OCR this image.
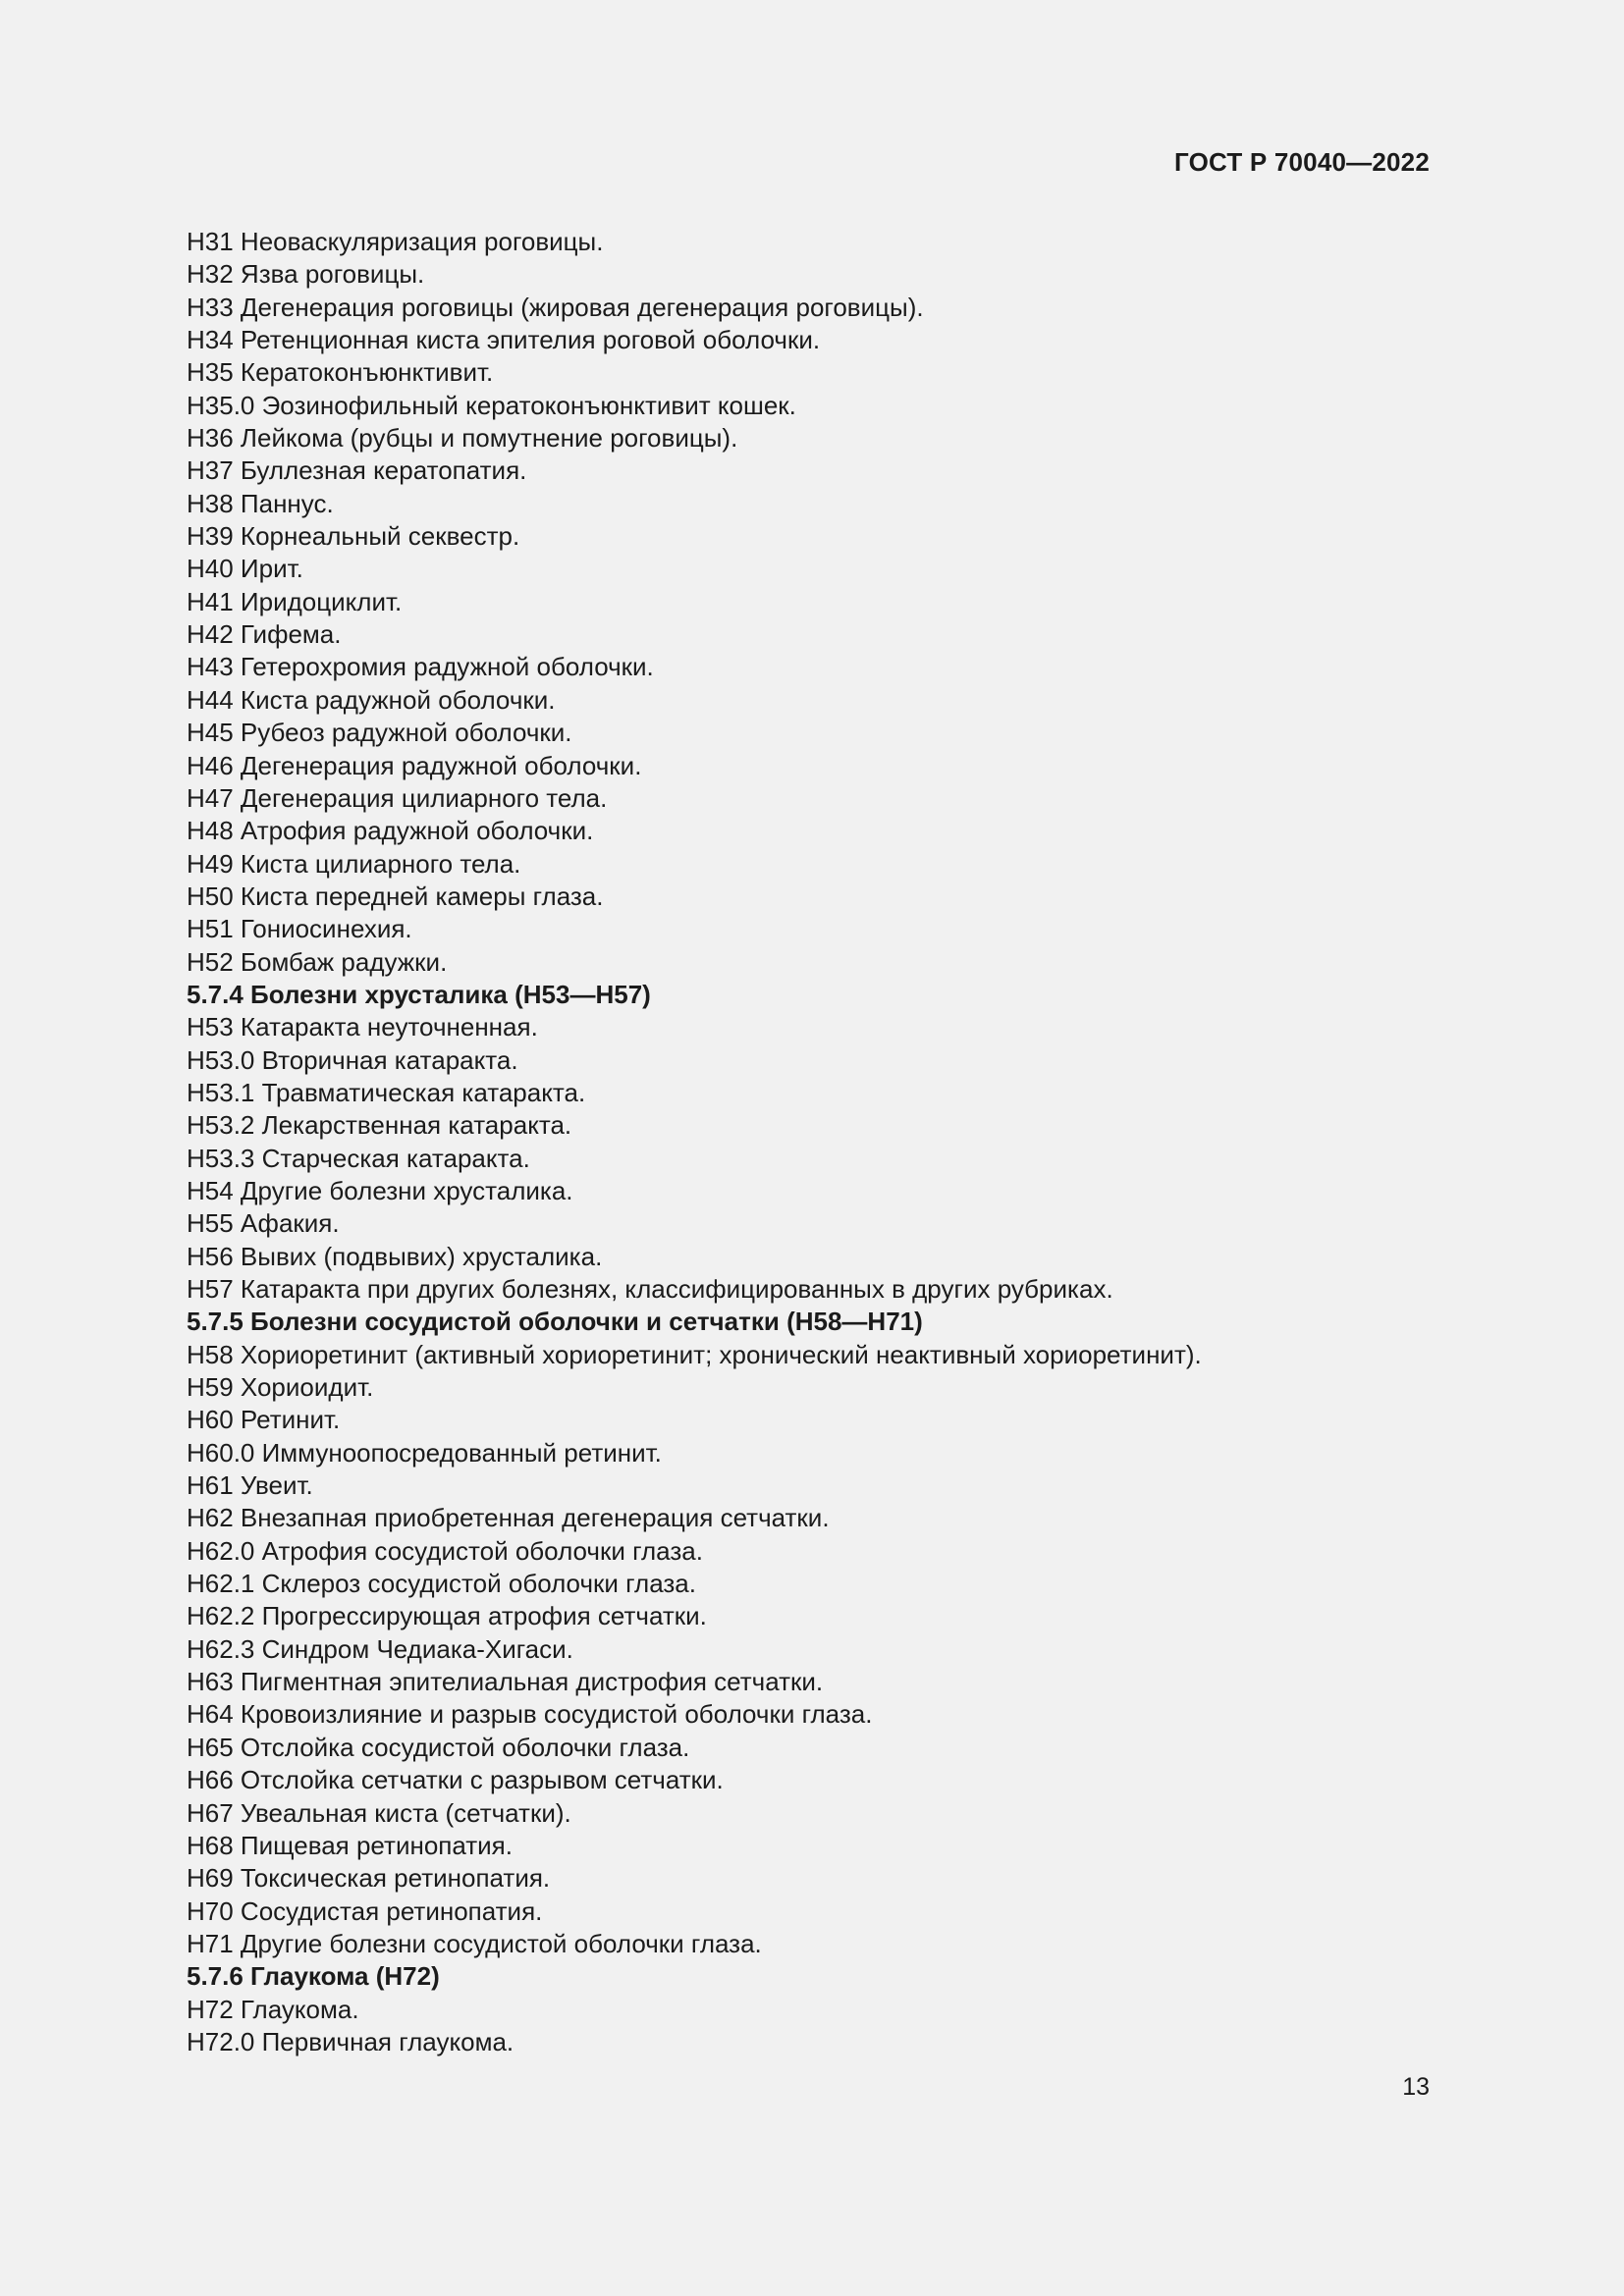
ГОСТ Р 70040—2022
H31 Неоваскуляризация роговицы.
H32 Язва роговицы.
H33 Дегенерация роговицы (жировая дегенерация роговицы).
H34 Ретенционная киста эпителия роговой оболочки.
H35 Кератоконъюнктивит.
H35.0 Эозинофильный кератоконъюнктивит кошек.
H36 Лейкома (рубцы и помутнение роговицы).
H37 Буллезная кератопатия.
H38 Паннус.
H39 Корнеальный секвестр.
H40 Ирит.
H41 Иридоциклит.
H42 Гифема.
H43 Гетерохромия радужной оболочки.
H44 Киста радужной оболочки.
H45 Рубеоз радужной оболочки.
H46 Дегенерация радужной оболочки.
H47 Дегенерация цилиарного тела.
H48 Атрофия радужной оболочки.
H49 Киста цилиарного тела.
H50 Киста передней камеры глаза.
H51 Гониосинехия.
H52 Бомбаж радужки.
5.7.4 Болезни хрусталика (H53—H57)
H53 Катаракта неуточненная.
H53.0 Вторичная катаракта.
H53.1 Травматическая катаракта.
H53.2 Лекарственная катаракта.
H53.3 Старческая катаракта.
H54 Другие болезни хрусталика.
H55 Афакия.
H56 Вывих (подвывих) хрусталика.
H57 Катаракта при других болезнях, классифицированных в других рубриках.
5.7.5 Болезни сосудистой оболочки и сетчатки (H58—H71)
H58 Хориоретинит (активный хориоретинит; хронический неактивный хориоретинит).
H59 Хориоидит.
H60 Ретинит.
H60.0 Иммуноопосредованный ретинит.
H61 Увеит.
H62 Внезапная приобретенная дегенерация сетчатки.
H62.0 Атрофия сосудистой оболочки глаза.
H62.1 Склероз сосудистой оболочки глаза.
H62.2 Прогрессирующая атрофия сетчатки.
H62.3 Синдром Чедиака-Хигаси.
H63 Пигментная эпителиальная дистрофия сетчатки.
H64 Кровоизлияние и разрыв сосудистой оболочки глаза.
H65 Отслойка сосудистой оболочки глаза.
H66 Отслойка сетчатки с разрывом сетчатки.
H67 Увеальная киста (сетчатки).
H68 Пищевая ретинопатия.
H69 Токсическая ретинопатия.
H70 Сосудистая ретинопатия.
H71 Другие болезни сосудистой оболочки глаза.
5.7.6 Глаукома (H72)
H72 Глаукома.
H72.0 Первичная глаукома.
13
